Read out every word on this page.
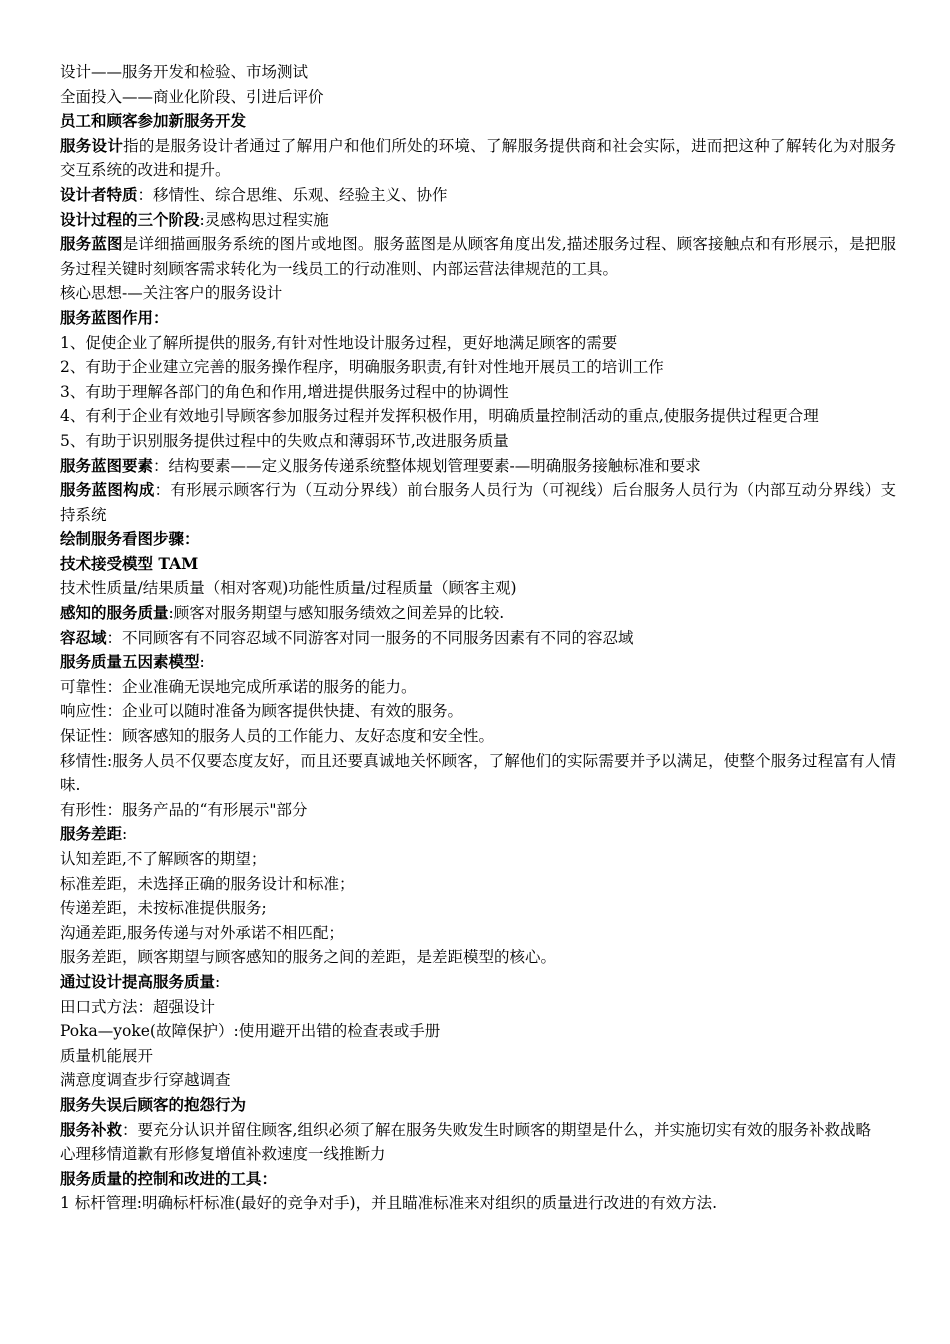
设计——服务开发和检验、市场测试

全面投入——商业化阶段、引进后评价

员工和顾客参加新服务开发

服务设计指的是服务设计者通过了解用户和他们所处的环境、了解服务提供商和社会实际，进而把这种了解转化为对服务交互系统的改进和提升。

设计者特质：移情性、综合思维、乐观、经验主义、协作

设计过程的三个阶段:灵感构思过程实施

服务蓝图是详细描画服务系统的图片或地图。服务蓝图是从顾客角度出发,描述服务过程、顾客接触点和有形展示，是把服务过程关键时刻顾客需求转化为一线员工的行动准则、内部运营法律规范的工具。

核心思想-—关注客户的服务设计

服务蓝图作用：

1、促使企业了解所提供的服务,有针对性地设计服务过程，更好地满足顾客的需要

2、有助于企业建立完善的服务操作程序，明确服务职责,有针对性地开展员工的培训工作

3、有助于理解各部门的角色和作用,增进提供服务过程中的协调性

4、有利于企业有效地引导顾客参加服务过程并发挥积极作用，明确质量控制活动的重点,使服务提供过程更合理

5、有助于识别服务提供过程中的失败点和薄弱环节,改进服务质量

服务蓝图要素：结构要素——定义服务传递系统整体规划管理要素-—明确服务接触标准和要求

服务蓝图构成：有形展示顾客行为（互动分界线）前台服务人员行为（可视线）后台服务人员行为（内部互动分界线）支持系统

绘制服务看图步骤：

技术接受模型 TAM

技术性质量/结果质量（相对客观)功能性质量/过程质量（顾客主观)

感知的服务质量:顾客对服务期望与感知服务绩效之间差异的比较.

容忍域：不同顾客有不同容忍域不同游客对同一服务的不同服务因素有不同的容忍域

服务质量五因素模型:

可靠性：企业准确无误地完成所承诺的服务的能力。

响应性：企业可以随时准备为顾客提供快捷、有效的服务。

保证性：顾客感知的服务人员的工作能力、友好态度和安全性。

移情性:服务人员不仅要态度友好，而且还要真诚地关怀顾客，了解他们的实际需要并予以满足，使整个服务过程富有人情味.

有形性：服务产品的“有形展示"部分

服务差距:

认知差距,不了解顾客的期望；

标准差距，未选择正确的服务设计和标准；

传递差距，未按标准提供服务;

沟通差距,服务传递与对外承诺不相匹配；

服务差距，顾客期望与顾客感知的服务之间的差距，是差距模型的核心。

通过设计提高服务质量:

田口式方法：超强设计

Poka—yoke(故障保护）:使用避开出错的检查表或手册

质量机能展开

满意度调查步行穿越调查

服务失误后顾客的抱怨行为

服务补救：要充分认识并留住顾客,组织必须了解在服务失败发生时顾客的期望是什么，并实施切实有效的服务补救战略

心理移情道歉有形修复增值补救速度一线推断力

服务质量的控制和改进的工具：

1 标杆管理:明确标杆标准(最好的竞争对手)，并且瞄准标准来对组织的质量进行改进的有效方法.
